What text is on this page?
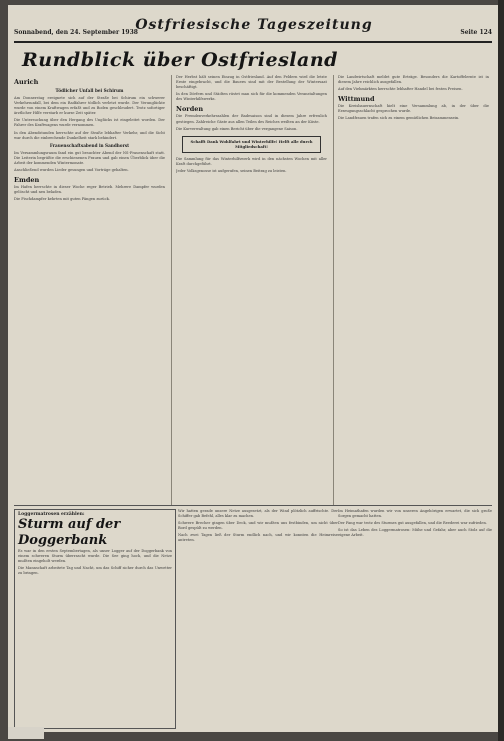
Sonnabend, den 24. September 1938
Ostfriesische Tageszeitung	Seite 124
Rundblick über Ostfriesland
Aurich
Tödlicher Unfall bei Schirum

Am Donnerstag ereignete sich auf der Straße bei Schirum ein schwerer Verkehrsunfall, bei dem ein Radfahrer tödlich verletzt wurde. Der Verunglückte wurde von einem Kraftwagen erfaßt und zu Boden geschleudert. Trotz sofortiger ärztlicher Hilfe verstarb er kurze Zeit später.

Die Untersuchung über den Hergang des Unglücks ist eingeleitet worden. Der Fahrer des Kraftwagens wurde vernommen.

In den Abendstunden herrschte auf der Straße lebhafter Verkehr, und die Sicht war durch die einbrechende Dunkelheit stark behindert.

Frauenschaftsabend in Sandhorst

Im Versammlungsraum fand ein gut besuchter Abend der NS-Frauenschaft statt. Die Leiterin begrüßte die erschienenen Frauen und gab einen Überblick über die Arbeit der kommenden Wintermonate.

Anschließend wurden Lieder gesungen und Vorträge gehalten.

Emden

Im Hafen herrschte in dieser Woche reger Betrieb. Mehrere Dampfer wurden gelöscht und neu beladen.

Die Fischdampfer kehrten mit guten Fängen zurück.

Der Herbst hält seinen Einzug in Ostfriesland. Auf den Feldern wird die letzte Ernte eingebracht, und die Bauern sind mit der Bestellung der Wintersaat beschäftigt.

In den Dörfern und Städten rüstet man sich für die kommenden Veranstaltungen des Winterhilfswerks.

Norden

Die Fremdenverkehrszahlen der Badesaison sind in diesem Jahre erfreulich gestiegen. Zahlreiche Gäste aus allen Teilen des Reiches weilten an der Küste.

Die Kurverwaltung gab einen Bericht über die vergangene Saison.

Schafft Dank Wohlfahrt und Winterhilfe! Helft alle durch Mitgliedschaft!

Die Sammlung für das Winterhilfswerk wird in den nächsten Wochen mit aller Kraft durchgeführt.

Jeder Volksgenosse ist aufgerufen, seinen Beitrag zu leisten.

Die Landwirtschaft meldet gute Erträge. Besonders die Kartoffelernte ist in diesem Jahre reichlich ausgefallen.

Auf den Viehmärkten herrschte lebhafter Handel bei festen Preisen.

Wittmund

Die Kreisbauernschaft hielt eine Versammlung ab, in der über die Erzeugungsschlacht gesprochen wurde.

Die Landfrauen trafen sich zu einem gemütlichen Beisammensein.

Loggermatrosen erzählen:
Sturm auf der Doggerbank

Es war in den ersten Septembertagen, als unser Logger auf der Doggerbank von einem schweren Sturm überrascht wurde. Die See ging hoch, und die Netze mußten eingeholt werden.

Die Mannschaft arbeitete Tag und Nacht, um das Schiff sicher durch das Unwetter zu bringen.

Wir hatten gerade unsere Netze ausgesetzt, als der Wind plötzlich auffrischte. Der Schiffer gab Befehl, alles klar zu machen.

Schwere Brecher gingen über Deck, und wir mußten uns festbinden, um nicht über Bord gespült zu werden.

Nach zwei Tagen ließ der Sturm endlich nach, und wir konnten die Heimreise antreten.

Im Heimathafen wurden wir von unseren Angehörigen erwartet, die sich große Sorgen gemacht hatten.

Der Fang war trotz des Sturmes gut ausgefallen, und die Reederei war zufrieden.

So ist das Leben des Loggermatrosen: Mühe und Gefahr, aber auch Stolz auf die eigene Arbeit.
